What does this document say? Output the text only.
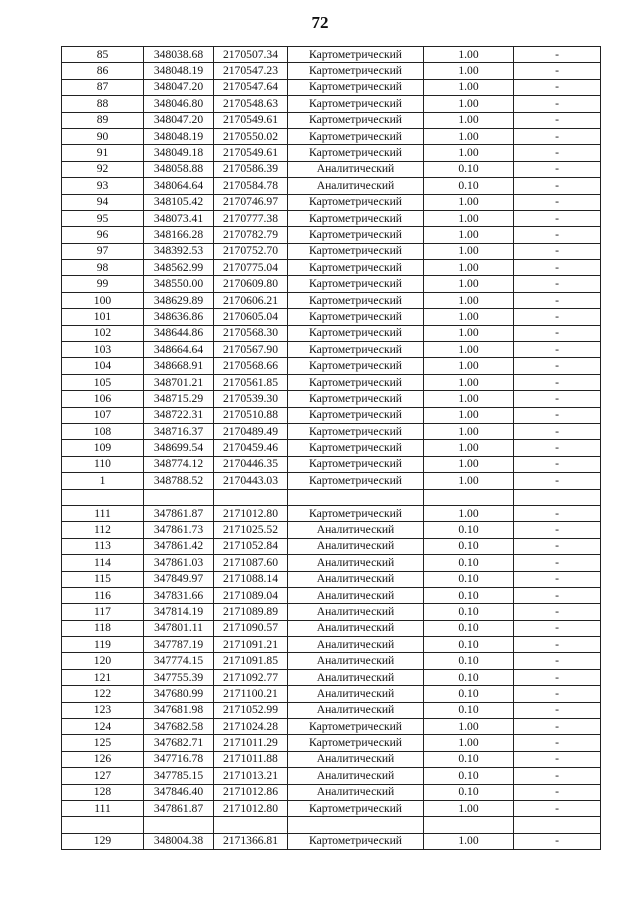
72
85	348038.68	2170507.34	Картометрический	1.00	-
86	348048.19	2170547.23	Картометрический	1.00	-
87	348047.20	2170547.64	Картометрический	1.00	-
88	348046.80	2170548.63	Картометрический	1.00	-
89	348047.20	2170549.61	Картометрический	1.00	-
90	348048.19	2170550.02	Картометрический	1.00	-
91	348049.18	2170549.61	Картометрический	1.00	-
92	348058.88	2170586.39	Аналитический	0.10	-
93	348064.64	2170584.78	Аналитический	0.10	-
94	348105.42	2170746.97	Картометрический	1.00	-
95	348073.41	2170777.38	Картометрический	1.00	-
96	348166.28	2170782.79	Картометрический	1.00	-
97	348392.53	2170752.70	Картометрический	1.00	-
98	348562.99	2170775.04	Картометрический	1.00	-
99	348550.00	2170609.80	Картометрический	1.00	-
100	348629.89	2170606.21	Картометрический	1.00	-
101	348636.86	2170605.04	Картометрический	1.00	-
102	348644.86	2170568.30	Картометрический	1.00	-
103	348664.64	2170567.90	Картометрический	1.00	-
104	348668.91	2170568.66	Картометрический	1.00	-
105	348701.21	2170561.85	Картометрический	1.00	-
106	348715.29	2170539.30	Картометрический	1.00	-
107	348722.31	2170510.88	Картометрический	1.00	-
108	348716.37	2170489.49	Картометрический	1.00	-
109	348699.54	2170459.46	Картометрический	1.00	-
110	348774.12	2170446.35	Картометрический	1.00	-
1	348788.52	2170443.03	Картометрический	1.00	-

111	347861.87	2171012.80	Картометрический	1.00	-
112	347861.73	2171025.52	Аналитический	0.10	-
113	347861.42	2171052.84	Аналитический	0.10	-
114	347861.03	2171087.60	Аналитический	0.10	-
115	347849.97	2171088.14	Аналитический	0.10	-
116	347831.66	2171089.04	Аналитический	0.10	-
117	347814.19	2171089.89	Аналитический	0.10	-
118	347801.11	2171090.57	Аналитический	0.10	-
119	347787.19	2171091.21	Аналитический	0.10	-
120	347774.15	2171091.85	Аналитический	0.10	-
121	347755.39	2171092.77	Аналитический	0.10	-
122	347680.99	2171100.21	Аналитический	0.10	-
123	347681.98	2171052.99	Аналитический	0.10	-
124	347682.58	2171024.28	Картометрический	1.00	-
125	347682.71	2171011.29	Картометрический	1.00	-
126	347716.78	2171011.88	Аналитический	0.10	-
127	347785.15	2171013.21	Аналитический	0.10	-
128	347846.40	2171012.86	Аналитический	0.10	-
111	347861.87	2171012.80	Картометрический	1.00	-

129	348004.38	2171366.81	Картометрический	1.00	-
